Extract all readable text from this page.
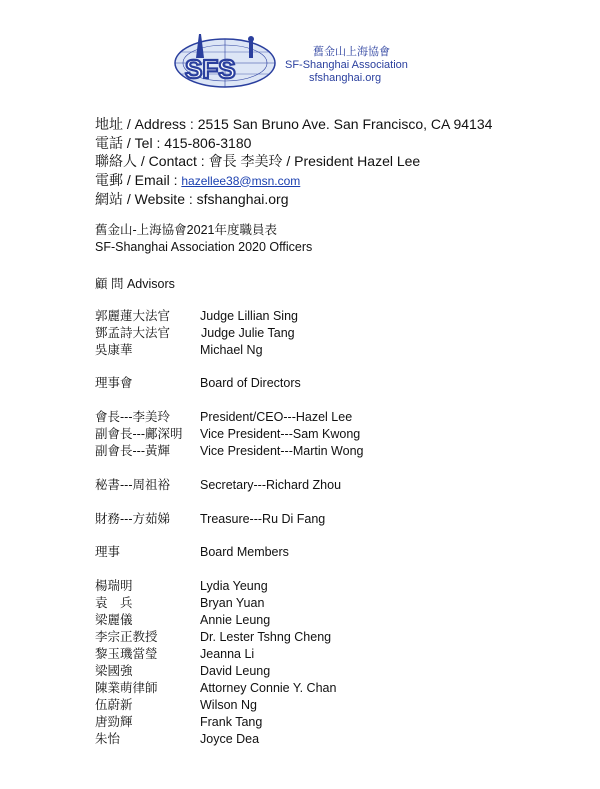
SFS
舊金山上海協會
SF-Shanghai Association
sfshanghai.org
地址 / Address : 2515 San Bruno Ave. San Francisco, CA 94134
電話 / Tel : 415-806-3180
聯絡人 / Contact : 會長 李美玲 / President Hazel Lee
電郵 / Email : hazellee38@msn.com
網站 / Website : sfshanghai.org
舊金山-上海協會2021年度職員表
SF-Shanghai Association 2020 Officers
顧 問 Advisors
郭麗蓮大法官	Judge Lillian Sing
鄧孟詩大法官	Judge Julie Tang
吳康華	Michael Ng
理事會	Board of Directors
會長---李美玲	President/CEO---Hazel Lee
副會長---鄺深明	Vice President---Sam Kwong
副會長---黃輝	Vice President---Martin Wong
秘書---周祖裕	Secretary---Richard Zhou
財務---方茹娣	Treasure---Ru Di Fang
理事	Board Members
楊瑞明	Lydia Yeung
袁　兵	Bryan Yuan
梁麗儀	Annie Leung
李宗正教授	Dr. Lester Tshng Cheng
黎玉璣當瑩	Jeanna Li
梁國強	David Leung
陳業萌律師	Attorney Connie Y. Chan
伍蔚新	Wilson Ng
唐勁輝	Frank Tang
朱怡	Joyce Dea
